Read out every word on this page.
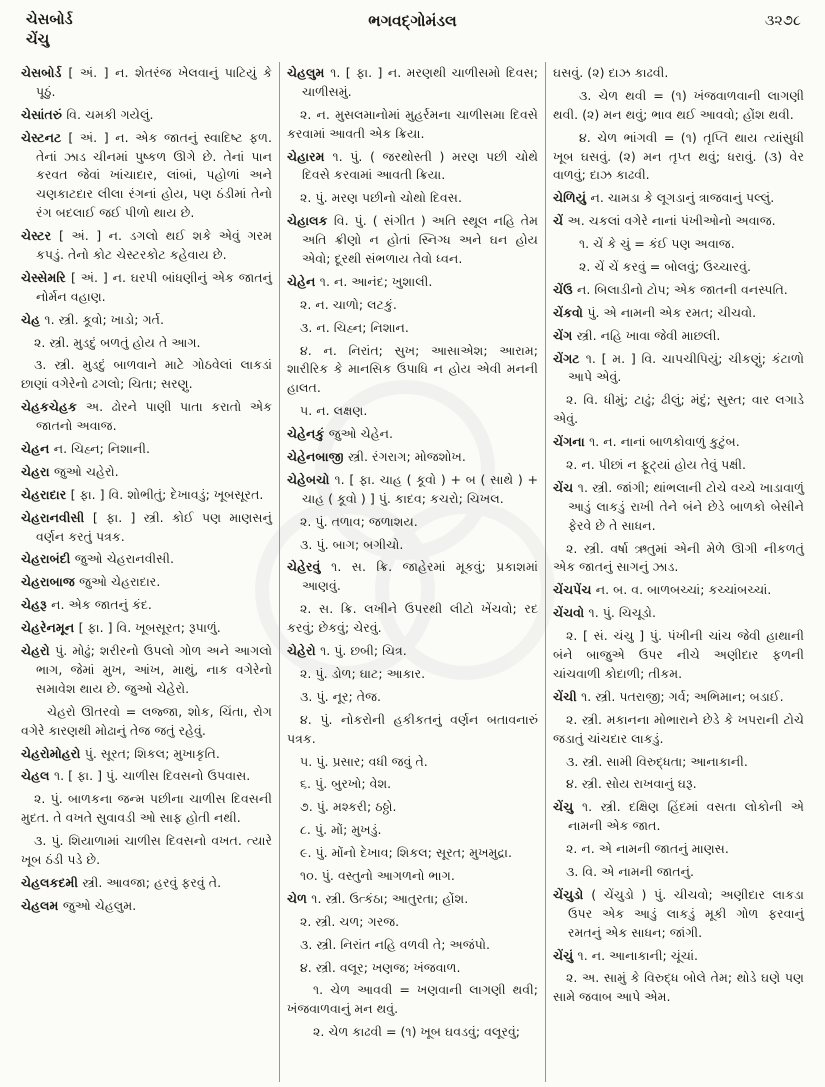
ચેસબોર્ડ
ચેંચુ
ભગવદ્ગોમંડલ	૩૨૭૮

ચેસબોર્ડ [ અં. ] ન. શેતરંજ ખેલવાનું પાટિયું કે પૂઠું.

ચેસાંતરું વિ. ચમકી ગયેલું.

ચેસ્ટનટ [ અં. ] ન. એક જાતનું સ્વાદિષ્ટ ફળ. તેનાં ઝાડ ચીનમાં પુષ્કળ ઊગે છે. તેનાં પાન કરવત જેવાં ખાંચાદાર, લાંબાં, પહોળાં અને ચણકાટદાર લીલા રંગનાં હોય, પણ ઠંડીમાં તેનો રંગ બદલાઈ જઈ પીળો થાય છે.

ચેસ્ટર [ અં. ] ન. ડગલો થઈ શકે એવું ગરમ કપડું. તેનો કોટ ચેસ્ટરકોટ કહેવાય છે.

ચેસ્સેમરિ [ અં. ] ન. ઘરપી બાંધણીનું એક જાતનું નોર્મન વહાણ.

ચેહ ૧. સ્ત્રી. કૂવો; ખાડો; ગર્ત.

૨. સ્ત્રી. મુડદું બળતું હોય તે આગ.

૩. સ્ત્રી. મુડદું બાળવાને માટે ગોઠવેલાં લાકડાં છાણાં વગેરેનો ઢગલો; ચિતા; સરણુ.

ચેહકચેહક અ. ઢોરને પાણી પાતા કરાતો એક જાતનો અવાજ.

ચેહન ન. ચિહ્ન; નિશાની.

ચેહરા જુઓ ચહેરો.

ચેહરાદાર [ ફા. ] વિ. શોભીતું; દેખાવડું; ખૂબસૂરત.

ચેહરાનવીસી [ ફા. ] સ્ત્રી. કોઈ પણ માણસનું વર્ણન કરતું પત્રક.

ચેહરાબંદી જુઓ ચેહરાનવીસી.

ચેહરાબાજ જુઓ ચેહરાદાર.

ચેહરૂ ન. એક જાતનું કંદ.

ચેહરેનમૂન [ ફા. ] વિ. ખૂબસૂરત; રૂપાળું.

ચેહરો પું. મોઢું; શરીરનો ઉપલો ગોળ અને આગલો ભાગ, જેમાં મુખ, આંખ, માથું, નાક વગેરેનો સમાવેશ થાય છે. જુઓ ચેહેરો.

ચેહરો ઊતરવો = લજ્જા, શોક, ચિંતા, રોગ વગેરે કારણથી મોઢાનું તેજ જતું રહેવું.

ચેહરોમોહરો પું. સૂરત; શિકલ; મુખાકૃતિ.

ચેહલ ૧. [ ફા. ] પું. ચાળીસ દિવસનો ઉપવાસ.

૨. પું. બાળકના જન્મ પછીના ચાળીસ દિવસની મુદત. તે વખતે સુવાવડી ઓ સાફ હોતી નથી.

૩. પું. શિયાળામાં ચાળીસ દિવસનો વખત. ત્યારે ખૂબ ઠંડી પડે છે.

ચેહલકદમી સ્ત્રી. આવજા; હરવું ફરવું તે.

ચેહલમ જુઓ ચેહલુમ.

ચેહલુમ ૧. [ ફા. ] ન. મરણથી ચાળીસમો દિવસ; ચાળીસમું.

૨. ન. મુસલમાનોમાં મુહર્રમના ચાળીસમા દિવસે કરવામાં આવતી એક ક્રિયા.

ચેહારમ ૧. પું. ( જરથોસ્તી ) મરણ પછી ચોથે દિવસે કરવામાં આવતી ક્રિયા.

૨. પું. મરણ પછીનો ચોથો દિવસ.

ચેહાલક વિ. પું. ( સંગીત ) અતિ સ્થૂલ નહિ તેમ અતિ ક્રીણો ન હોતાં સ્નિગ્ધ અને ઘન હોય એવો; દૂરથી સંભળાય તેવો ધ્વન.

ચેહેન ૧. ન. આનંદ; ખુશાલી.

૨. ન. ચાળો; લટકું.

૩. ન. ચિહ્ન; નિશાન.

૪. ન. નિરાંત; સુખ; આસાએશ; આરામ; શારીરિક કે માનસિક ઉપાધિ ન હોય એવી મનની હાલત.

૫. ન. લક્ષણ.

ચેહેનકું જુઓ ચેહેન.

ચેહેનબાજી સ્ત્રી. રંગરાગ; મોજશોખ.

ચેહેબચો ૧. [ ફા. ચાહ ( કૂવો ) + બ ( સાથે ) + ચાહ ( કૂવો ) ] પું. કાદવ; કચરો; ચિખલ.

૨. પું. તળાવ; જળાશય.

૩. પું. બાગ; બગીચો.

ચેહેરવું ૧. સ. ક્રિ. જાહેરમાં મૂકવું; પ્રકાશમાં આણવું.

૨. સ. ક્રિ. લખીને ઉપરથી લીટો ખેંચવો; રદ કરવું; છેકવું; ચેરવું.

ચેહેરો ૧. પું. છબી; ચિત્ર.

૨. પું. ડોળ; ઘાટ; આકાર.

૩. પું. નૂર; તેજ.

૪. પું. નોકરોની હકીકતનું વર્ણન બતાવનારું પત્રક.

૫. પું. પ્રસાર; વધી જવું તે.

૬. પું. બુરખો; વેશ.

૭. પું. મશ્કરી; ઠઠ્ઠો.

૮. પું. મોં; મુખડું.

૯. પું. મોંનો દેખાવ; શિકલ; સૂરત; મુખમુદ્રા.

૧૦. પું. વસ્તુનો આગળનો ભાગ.

ચેળ ૧. સ્ત્રી. ઉત્કંઠા; આતુરતા; હોંશ.

૨. સ્ત્રી. ચળ; ગરજ.

૩. સ્ત્રી. નિરાંત નહિ વળવી તે; અજંપો.

૪. સ્ત્રી. વલૂર; ખણજ; ખંજવાળ.

૧. ચેળ આવવી = ખણવાની લાગણી થવી; ખંજવાળવાનું મન થવું.

૨. ચેળ કાઢવી = (૧) ખૂબ ઘવડવું; વલૂરવું;

ઘસવું. (૨) દાઝ કાઢવી.

૩. ચેળ થવી = (૧) ખંજવાળવાની લાગણી થવી. (૨) મન થવું; ભાવ થઈ આવવો; હોંશ થવી.

૪. ચેળ ભાંગવી = (૧) તૃપ્તિ થાય ત્યાંસુધી ખૂબ ઘસવું. (૨) મન તૃપ્ત થવું; ધરાવું. (૩) વેર વાળવું; દાઝ કાઢવી.

ચેળિયું ન. ચામડા કે લૂગડાનું ત્રાજવાનું પલ્લું.

ચેં અ. ચકલાં વગેરે નાનાં પંખીઓનો અવાજ.

૧. ચેં કે ચું = કંઈ પણ અવાજ.

૨. ચેં ચેં કરવું = બોલવું; ઉચ્ચારવું.

ચેંઉ ન. બિલાડીનો ટોપ; એક જાતની વનસ્પતિ.

ચેંકવો પું. એ નામની એક રમત; ચીચવો.

ચેંગ સ્ત્રી. નહિ ખાવા જેવી માછલી.

ચેંગટ ૧. [ મ. ] વિ. ચાપચીપિયું; ચીકણું; કંટાળો આપે એવું.

૨. વિ. ધીમું; ટાઢું; ઢીલું; મંદું; સુસ્ત; વાર લગાડે એવું.

ચેંગના ૧. ન. નાનાં બાળકોવાળું કુટુંબ.

૨. ન. પીછાં ન ફૂટ્યાં હોય તેવું પક્ષી.

ચેંચ ૧. સ્ત્રી. જાંગી; થાંભલાની ટોચે વચ્ચે ખાડાવાળું આડું લાકડું રાખી તેને બંને છેડે બાળકો બેસીને ફેરવે છે તે સાધન.

૨. સ્ત્રી. વર્ષા ઋતુમાં એની મેળે ઊગી નીકળતું એક જાતનું સાગનું ઝાડ.

ચેંચપેંચ ન. બ. વ. બાળબચ્ચાં; કચ્ચાંબચ્ચાં.

ચેંચવો ૧. પું. ચિચૂડો.

૨. [ સં. ચંચુ ] પું. પંખીની ચાંચ જેવી હાથાની બંને બાજુએ ઉપર નીચે અણીદાર ફળની ચાંચવાળી કોદાળી; તીકમ.

ચેંચી ૧. સ્ત્રી. પતરાજી; ગર્વ; અભિમાન; બડાઈ.

૨. સ્ત્રી. મકાનના મોભારાને છેડે કે ખપરાની ટોચે જડાતું ચાંચદાર લાકડું.

૩. સ્ત્રી. સામી વિરુદ્ધતા; આનાકાની.

૪. સ્ત્રી. સોય રાખવાનું ઘરૂ.

ચેંચુ ૧. સ્ત્રી. દક્ષિણ હિંદમાં વસતા લોકોની એ નામની એક જાત.

૨. ન. એ નામની જાતનું માણસ.

૩. વિ. એ નામની જાતનું.

ચેંચુડો ( ચેંચુડો ) પું. ચીચવો; અણીદાર લાકડા ઉપર એક આડું લાકડું મૂકી ગોળ ફરવાનું રમતનું એક સાધન; જાંગી.

ચેંચું ૧. ન. આનાકાની; ચૂંચાં.

૨. અ. સામું કે વિરુદ્ધ બોલે તેમ; થોડે ઘણે પણ સામે જવાબ આપે એમ.
